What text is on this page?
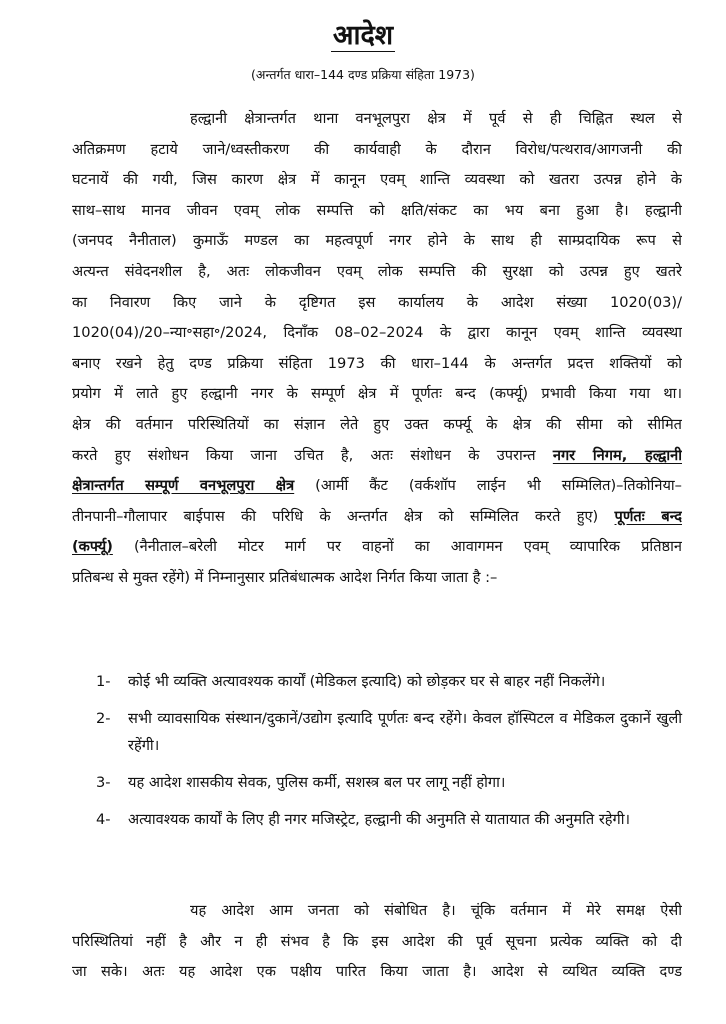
आदेश
(अन्तर्गत धारा–144 दण्ड प्रक्रिया संहिता 1973)
हल्द्वानी क्षेत्रान्तर्गत थाना वनभूलपुरा क्षेत्र में पूर्व से ही चिह्नित स्थल से
अतिक्रमण हटाये जाने/ध्वस्तीकरण की कार्यवाही के दौरान विरोध/पत्थराव/आगजनी की
घटनायें की गयी, जिस कारण क्षेत्र में कानून एवम् शान्ति व्यवस्था को खतरा उत्पन्न होने के
साथ–साथ मानव जीवन एवम् लोक सम्पत्ति को क्षति/संकट का भय बना हुआ है। हल्द्वानी
(जनपद नैनीताल) कुमाऊँ मण्डल का महत्वपूर्ण नगर होने के साथ ही साम्प्रदायिक रूप से
अत्यन्त संवेदनशील है, अतः लोकजीवन एवम् लोक सम्पत्ति की सुरक्षा को उत्पन्न हुए खतरे
का निवारण किए जाने के दृष्टिगत इस कार्यालय के आदेश संख्या 1020(03)/
1020(04)/20–न्या॰सहा॰/2024, दिनाँक 08–02–2024 के द्वारा कानून एवम् शान्ति व्यवस्था
बनाए रखने हेतु दण्ड प्रक्रिया संहिता 1973 की धारा–144 के अन्तर्गत प्रदत्त शक्तियों को
प्रयोग में लाते हुए हल्द्वानी नगर के सम्पूर्ण क्षेत्र में पूर्णतः बन्द (कर्फ्यू) प्रभावी किया गया था।
क्षेत्र की वर्तमान परिस्थितियों का संज्ञान लेते हुए उक्त कर्फ्यू के क्षेत्र की सीमा को सीमित
करते हुए संशोधन किया जाना उचित है, अतः संशोधन के उपरान्त नगर निगम, हल्द्वानी
क्षेत्रान्तर्गत सम्पूर्ण वनभूलपुरा क्षेत्र (आर्मी कैंट (वर्कशॉप लाईन भी सम्मिलित)–तिकोनिया–
तीनपानी–गौलापार बाईपास की परिधि के अन्तर्गत क्षेत्र को सम्मिलित करते हुए) पूर्णतः बन्द
(कर्फ्यू) (नैनीताल–बरेली मोटर मार्ग पर वाहनों का आवागमन एवम् व्यापारिक प्रतिष्ठान
प्रतिबन्ध से मुक्त रहेंगे) में निम्नानुसार प्रतिबंधात्मक आदेश निर्गत किया जाता है :–
1-	कोई भी व्यक्ति अत्यावश्यक कार्यों (मेडिकल इत्यादि) को छोड़कर घर से बाहर नहीं निकलेंगे।
2-	सभी व्यावसायिक संस्थान/दुकानें/उद्योग इत्यादि पूर्णतः बन्द रहेंगे। केवल हॉस्पिटल व मेडिकल दुकानें खुली रहेंगी।
3-	यह आदेश शासकीय सेवक, पुलिस कर्मी, सशस्त्र बल पर लागू नहीं होगा।
4-	अत्यावश्यक कार्यों के लिए ही नगर मजिस्ट्रेट, हल्द्वानी की अनुमति से यातायात की अनुमति रहेगी।
यह आदेश आम जनता को संबोधित है। चूंकि वर्तमान में मेरे समक्ष ऐसी
परिस्थितियां नहीं है और न ही संभव है कि इस आदेश की पूर्व सूचना प्रत्येक व्यक्ति को दी
जा सके। अतः यह आदेश एक पक्षीय पारित किया जाता है। आदेश से व्यथित व्यक्ति दण्ड
